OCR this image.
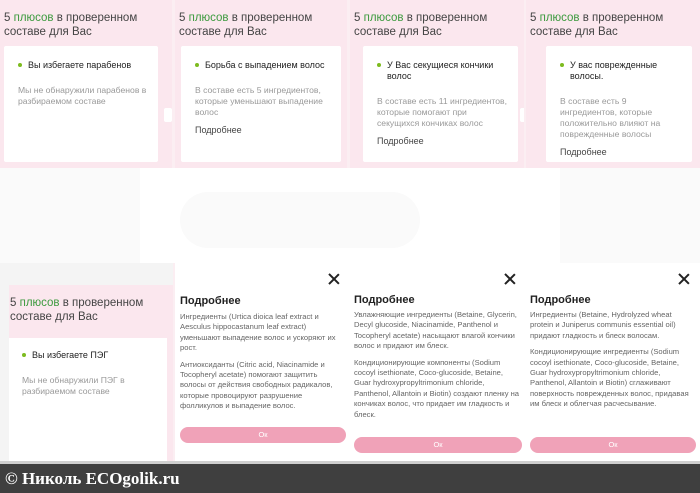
5 плюсов в проверенном составе для Вас
Вы избегаете парабенов
Мы не обнаружили парабенов в разбираемом составе
5 плюсов в проверенном составе для Вас
Борьба с выпадением волос
В составе есть 5 ингредиентов, которые уменьшают выпадение волос
Подробнее
5 плюсов в проверенном составе для Вас
У Вас секущиеся кончики волос
В составе есть 11 ингредиентов, которые помогают при секущихся кончиках волос
Подробнее
5 плюсов в проверенном составе для Вас
У вас поврежденные волосы.
В составе есть 9 ингредиентов, которые положительно влияют на поврежденные волосы
Подробнее
5 плюсов в проверенном составе для Вас
Вы избегаете ПЭГ
Мы не обнаружили ПЭГ в разбираемом составе
Подробнее

Ингредиенты (Urtica dioica leaf extract и Aesculus hippocastanum leaf extract) уменьшают выпадение волос и ускоряют их рост.

Антиоксиданты (Citric acid, Niacinamide и Tocopheryl acetate) помогают защитить волосы от действия свободных радикалов, которые провоцируют разрушение фолликулов и выпадение волос.

Ок
Подробнее

Увлажняющие ингредиенты (Betaine, Glycerin, Decyl glucoside, Niacinamide, Panthenol и Tocopheryl acetate) насыщают влагой кончики волос и придают им блеск.

Кондиционирующие компоненты (Sodium cocoyl isethionate, Coco-glucoside, Betaine, Guar hydroxypropyltrimonium chloride, Panthenol, Allantoin и Biotin) создают пленку на кончиках волос, что придает им гладкость и блеск.

Ок
Подробнее

Ингредиенты (Betaine, Hydrolyzed wheat protein и Juniperus communis essential oil) придают гладкость и блеск волосам.

Кондиционирующие ингредиенты (Sodium cocoyl isethionate, Coco-glucoside, Betaine, Guar hydroxypropyltrimonium chloride, Panthenol, Allantoin и Biotin) сглаживают поверхность поврежденных волос, придавая им блеск и облегчая расчесывание.

Ок
© Николь ECOgolik.ru
